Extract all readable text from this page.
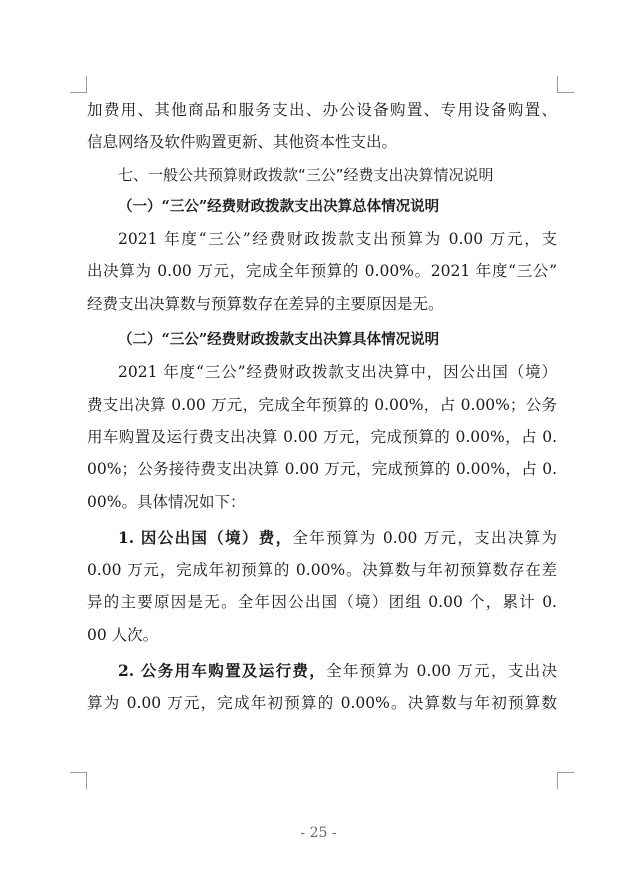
加费用、其他商品和服务支出、办公设备购置、专用设备购置、
信息网络及软件购置更新、其他资本性支出。
七、一般公共预算财政拨款“三公”经费支出决算情况说明
（一）“三公”经费财政拨款支出决算总体情况说明
2021 年度“三公”经费财政拨款支出预算为 0.00 万元，支
出决算为 0.00 万元，完成全年预算的 0.00%。2021 年度“三公”
经费支出决算数与预算数存在差异的主要原因是无。
（二）“三公”经费财政拨款支出决算具体情况说明
2021 年度“三公”经费财政拨款支出决算中，因公出国（境）
费支出决算 0.00 万元，完成全年预算的 0.00%，占 0.00%；公务
用车购置及运行费支出决算 0.00 万元，完成预算的 0.00%，占 0.
00%；公务接待费支出决算 0.00 万元，完成预算的 0.00%，占 0.
00%。具体情况如下：
1. 因公出国（境）费，全年预算为 0.00 万元，支出决算为
0.00 万元，完成年初预算的 0.00%。决算数与年初预算数存在差
异的主要原因是无。全年因公出国（境）团组 0.00 个，累计 0.
00 人次。
2. 公务用车购置及运行费，全年预算为 0.00 万元，支出决
算为 0.00 万元，完成年初预算的 0.00%。决算数与年初预算数
- 25 -
